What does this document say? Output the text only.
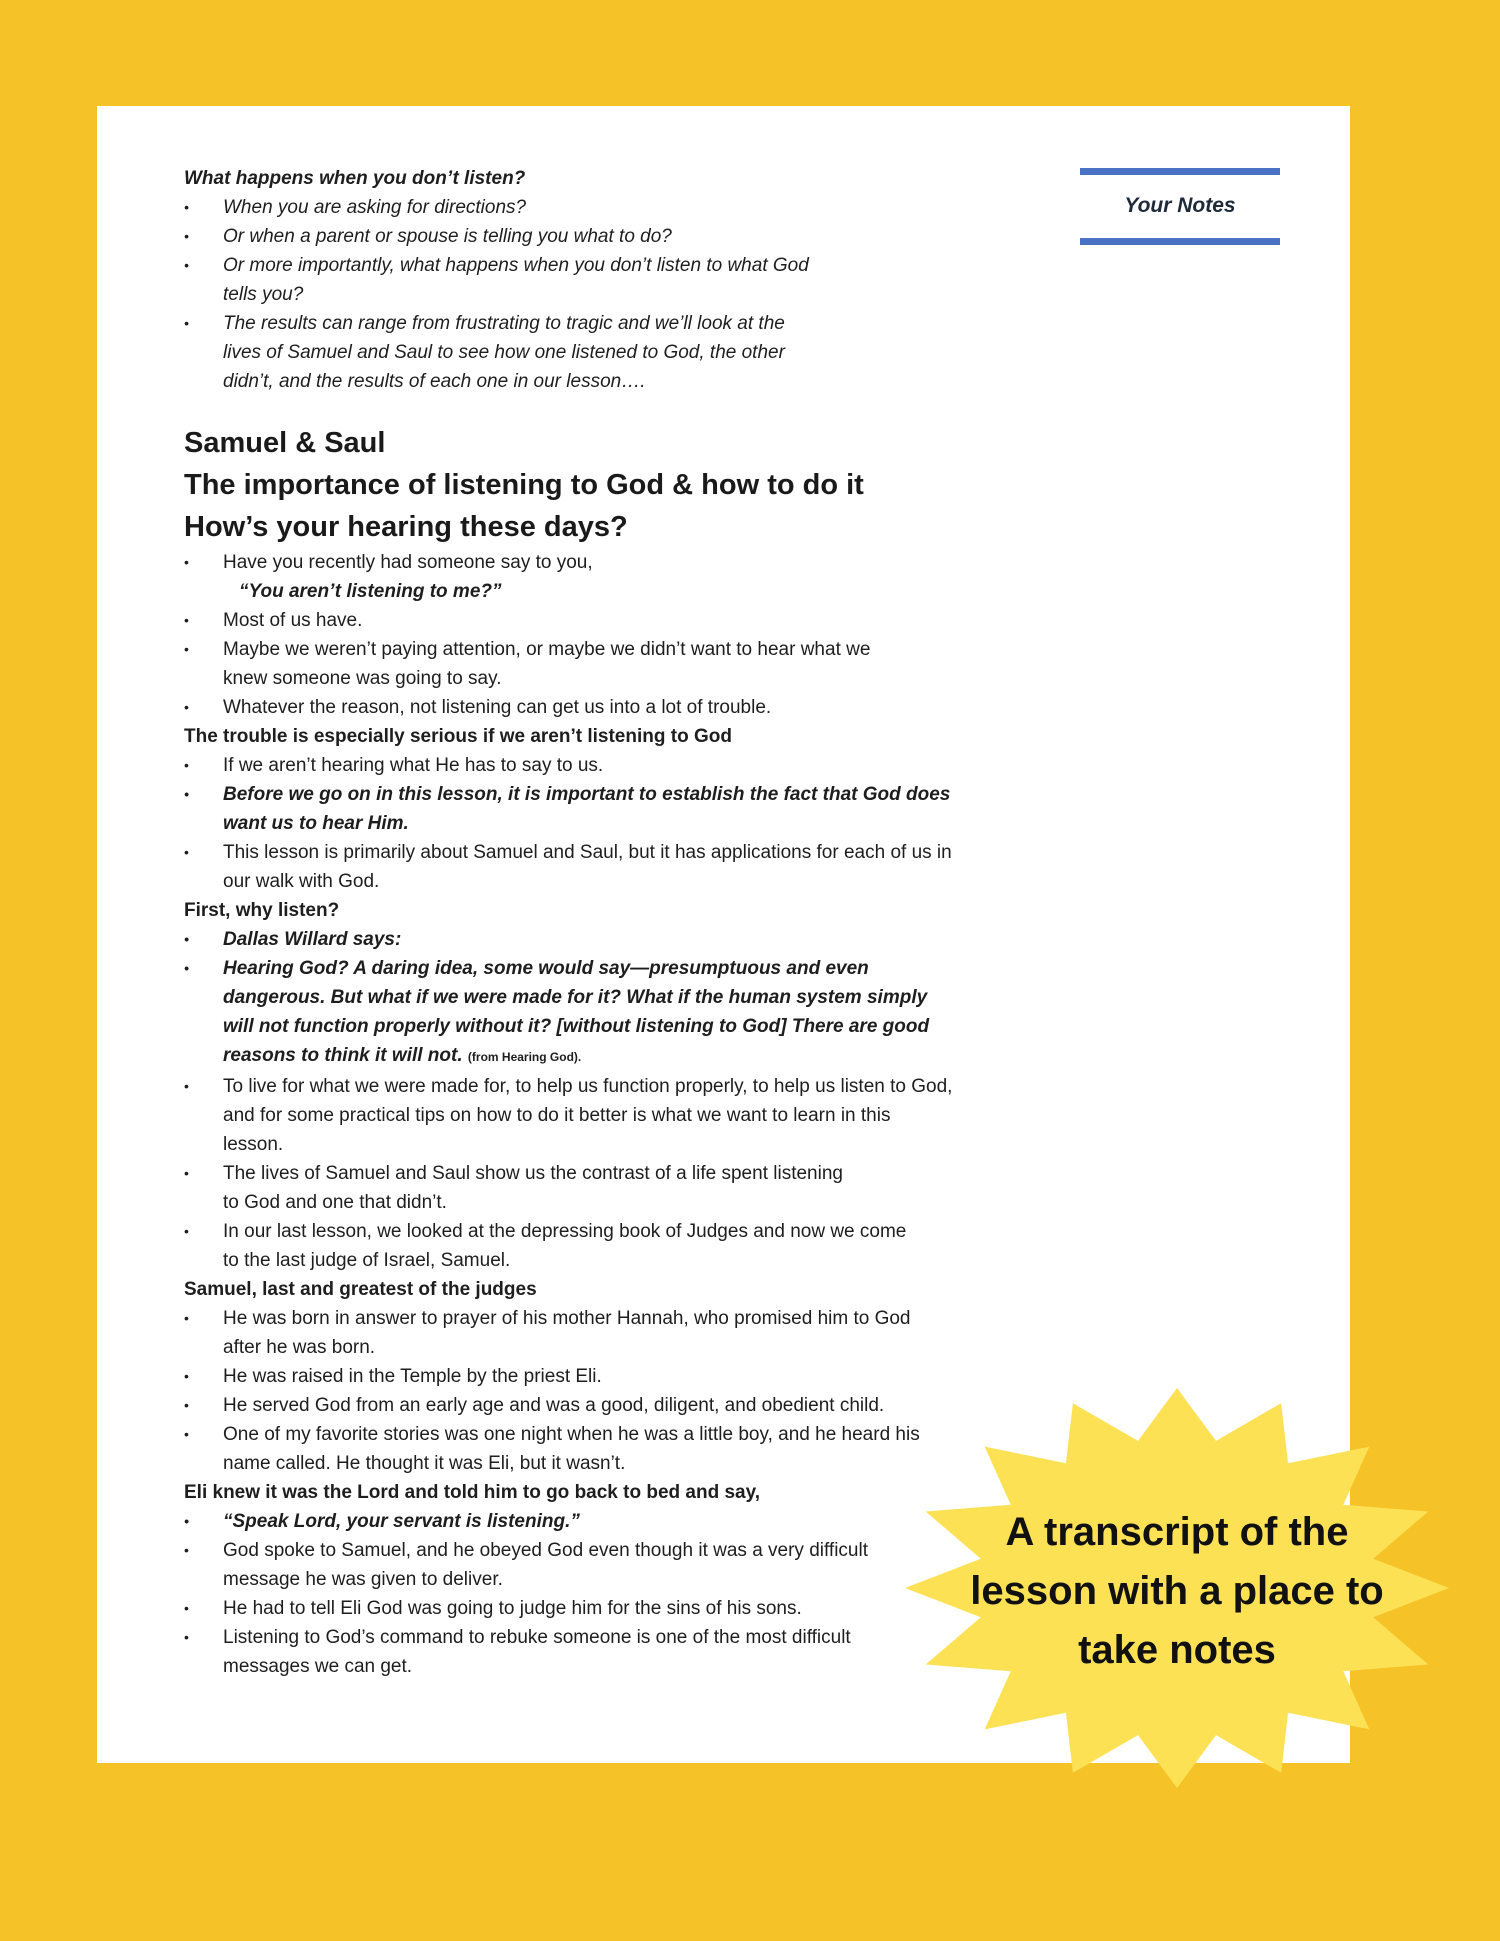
What happens when you don’t listen?
• When you are asking for directions?
• Or when a parent or spouse is telling you what to do?
• Or more importantly, what happens when you don’t listen to what God tells you?
• The results can range from frustrating to tragic and we’ll look at the lives of Samuel and Saul to see how one listened to God, the other didn’t, and the results of each one in our lesson….
Samuel & Saul
The importance of listening to God & how to do it
How’s your hearing these days?
• Have you recently had someone say to you,
“You aren’t listening to me?”
• Most of us have.
• Maybe we weren’t paying attention, or maybe we didn’t want to hear what we knew someone was going to say.
• Whatever the reason, not listening can get us into a lot of trouble.
The trouble is especially serious if we aren’t listening to God
• If we aren’t hearing what He has to say to us.
• Before we go on in this lesson, it is important to establish the fact that God does want us to hear Him.
• This lesson is primarily about Samuel and Saul, but it has applications for each of us in our walk with God.
First, why listen?
• Dallas Willard says:
• Hearing God? A daring idea, some would say—presumptuous and even dangerous. But what if we were made for it? What if the human system simply will not function properly without it? [without listening to God] There are good reasons to think it will not. (from Hearing God).
• To live for what we were made for, to help us function properly, to help us listen to God, and for some practical tips on how to do it better is what we want to learn in this lesson.
• The lives of Samuel and Saul show us the contrast of a life spent listening to God and one that didn’t.
• In our last lesson, we looked at the depressing book of Judges and now we come to the last judge of Israel, Samuel.
Samuel, last and greatest of the judges
• He was born in answer to prayer of his mother Hannah, who promised him to God after he was born.
• He was raised in the Temple by the priest Eli.
• He served God from an early age and was a good, diligent, and obedient child.
• One of my favorite stories was one night when he was a little boy, and he heard his name called. He thought it was Eli, but it wasn’t.
Eli knew it was the Lord and told him to go back to bed and say,
• “Speak Lord, your servant is listening.”
• God spoke to Samuel, and he obeyed God even though it was a very difficult message he was given to deliver.
• He had to tell Eli God was going to judge him for the sins of his sons.
• Listening to God’s command to rebuke someone is one of the most difficult messages we can get.
Your Notes
A transcript of the lesson with a place to take notes
